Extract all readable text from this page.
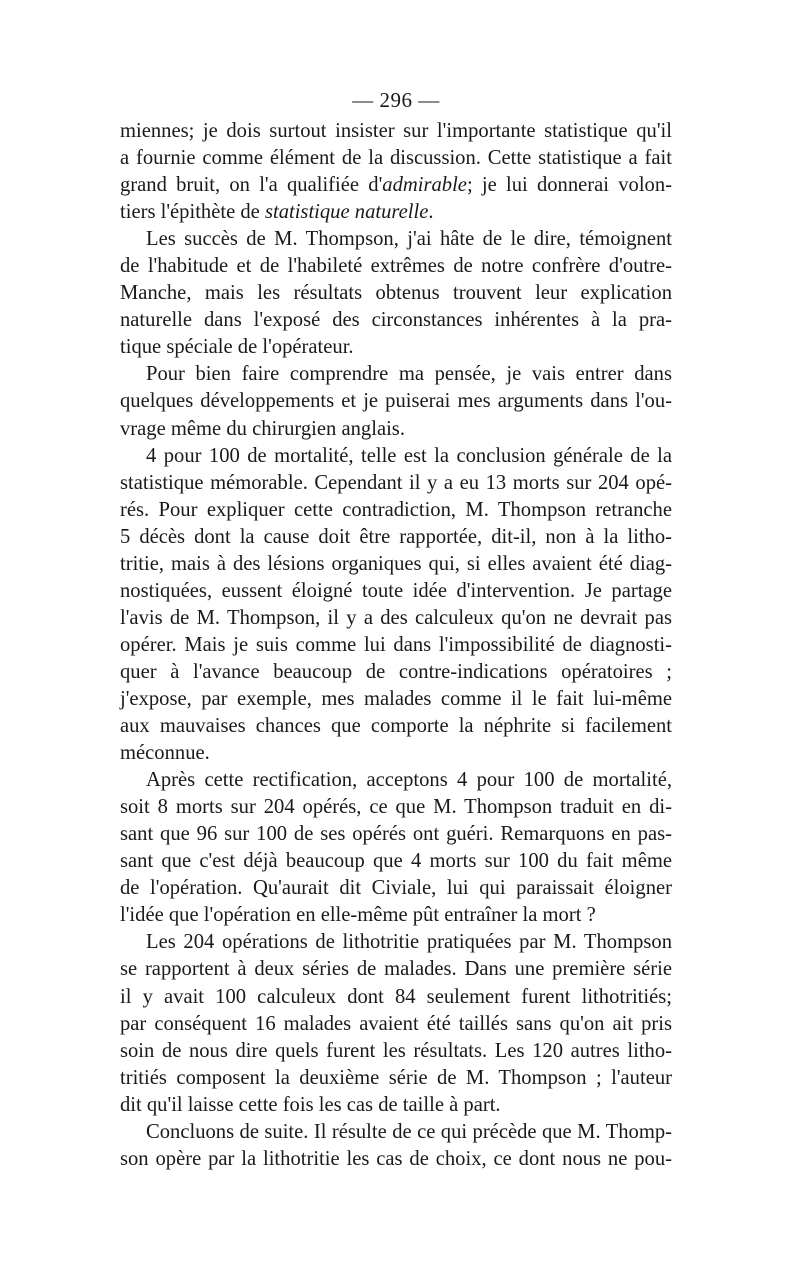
— 296 —

miennes; je dois surtout insister sur l'importante statistique qu'il
a fournie comme élément de la discussion. Cette statistique a fait
grand bruit, on l'a qualifiée d'admirable; je lui donnerai volon-
tiers l'épithète de statistique naturelle.

Les succès de M. Thompson, j'ai hâte de le dire, témoignent
de l'habitude et de l'habileté extrêmes de notre confrère d'outre-
Manche, mais les résultats obtenus trouvent leur explication
naturelle dans l'exposé des circonstances inhérentes à la pra-
tique spéciale de l'opérateur.

Pour bien faire comprendre ma pensée, je vais entrer dans
quelques développements et je puiserai mes arguments dans l'ou-
vrage même du chirurgien anglais.

4 pour 100 de mortalité, telle est la conclusion générale de la
statistique mémorable. Cependant il y a eu 13 morts sur 204 opé-
rés. Pour expliquer cette contradiction, M. Thompson retranche
5 décès dont la cause doit être rapportée, dit-il, non à la litho-
tritie, mais à des lésions organiques qui, si elles avaient été diag-
nostiquées, eussent éloigné toute idée d'intervention. Je partage
l'avis de M. Thompson, il y a des calculeux qu'on ne devrait pas
opérer. Mais je suis comme lui dans l'impossibilité de diagnosti-
quer à l'avance beaucoup de contre-indications opératoires ;
j'expose, par exemple, mes malades comme il le fait lui-même
aux mauvaises chances que comporte la néphrite si facilement
méconnue.

Après cette rectification, acceptons 4 pour 100 de mortalité,
soit 8 morts sur 204 opérés, ce que M. Thompson traduit en di-
sant que 96 sur 100 de ses opérés ont guéri. Remarquons en pas-
sant que c'est déjà beaucoup que 4 morts sur 100 du fait même
de l'opération. Qu'aurait dit Civiale, lui qui paraissait éloigner
l'idée que l'opération en elle-même pût entraîner la mort ?

Les 204 opérations de lithotritie pratiquées par M. Thompson
se rapportent à deux séries de malades. Dans une première série
il y avait 100 calculeux dont 84 seulement furent lithotritiés;
par conséquent 16 malades avaient été taillés sans qu'on ait pris
soin de nous dire quels furent les résultats. Les 120 autres litho-
tritiés composent la deuxième série de M. Thompson ; l'auteur
dit qu'il laisse cette fois les cas de taille à part.

Concluons de suite. Il résulte de ce qui précède que M. Thomp-
son opère par la lithotritie les cas de choix, ce dont nous ne pou-
